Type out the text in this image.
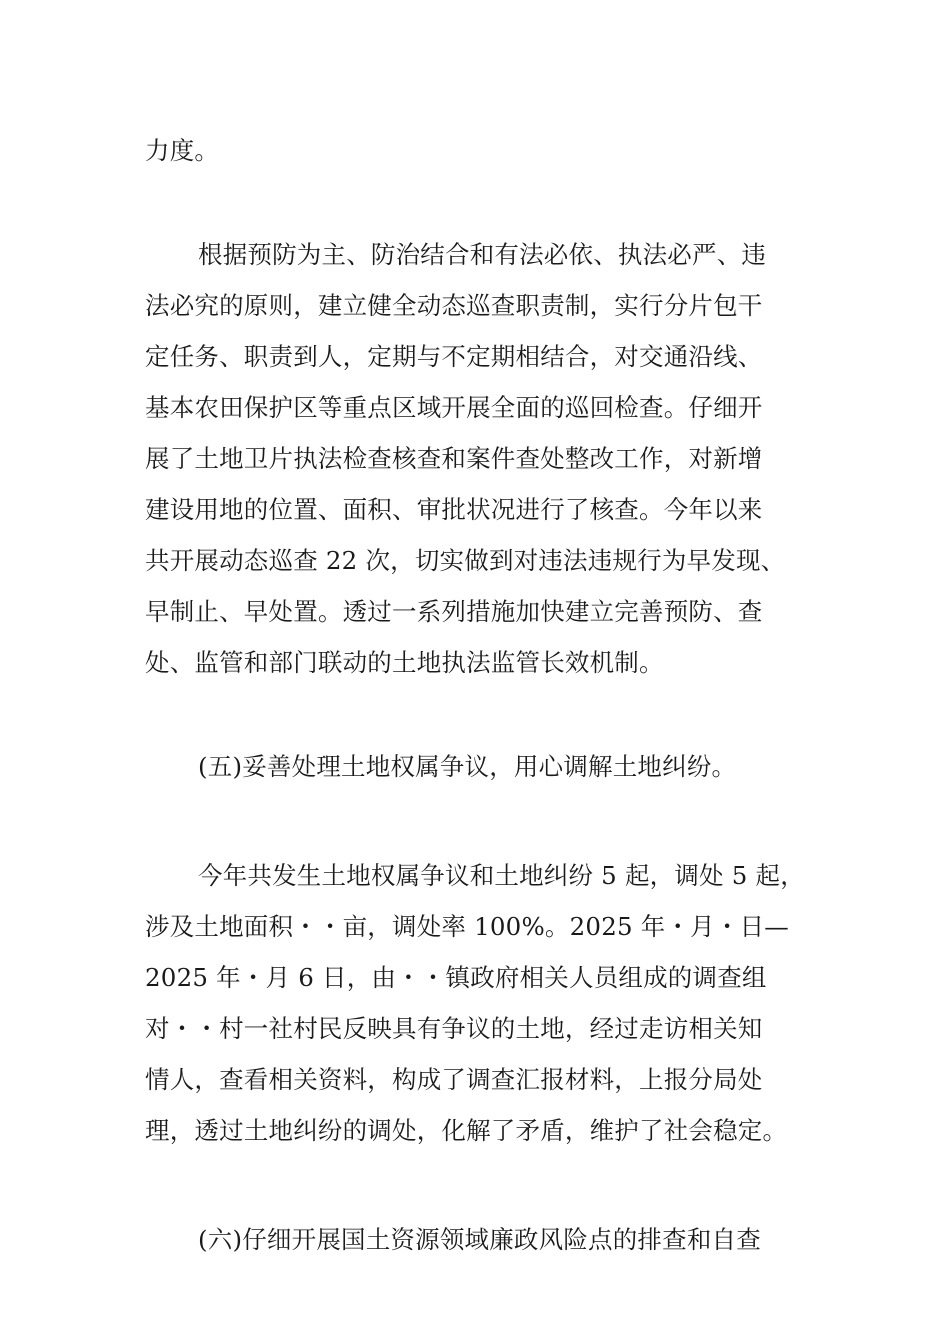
力度。
根据预防为主、防治结合和有法必依、执法必严、违
法必究的原则，建立健全动态巡查职责制，实行分片包干
定任务、职责到人，定期与不定期相结合，对交通沿线、
基本农田保护区等重点区域开展全面的巡回检查。仔细开
展了土地卫片执法检查核查和案件查处整改工作，对新增
建设用地的位置、面积、审批状况进行了核查。今年以来
共开展动态巡查 22 次，切实做到对违法违规行为早发现、
早制止、早处置。透过一系列措施加快建立完善预防、查
处、监管和部门联动的土地执法监管长效机制。
(五)妥善处理土地权属争议，用心调解土地纠纷。
今年共发生土地权属争议和土地纠纷 5 起，调处 5 起，
涉及土地面积・・亩，调处率 100%。2025 年・月・日—
2025 年・月 6 日，由・・镇政府相关人员组成的调查组
对・・村一社村民反映具有争议的土地，经过走访相关知
情人，查看相关资料，构成了调查汇报材料，上报分局处
理，透过土地纠纷的调处，化解了矛盾，维护了社会稳定。
(六)仔细开展国土资源领域廉政风险点的排查和自查
